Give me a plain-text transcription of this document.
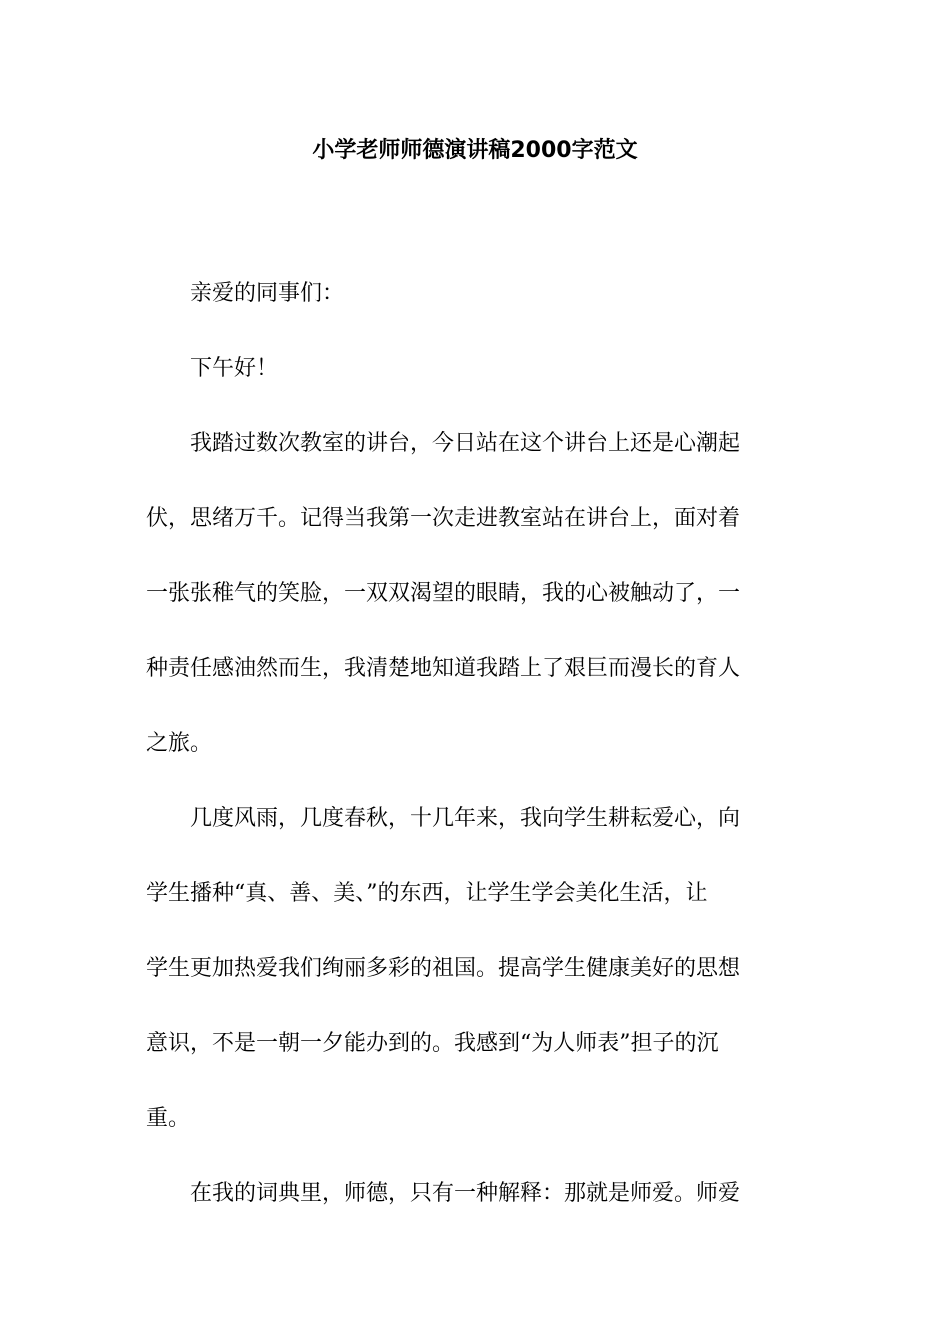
小学老师师德演讲稿2000字范文

亲爱的同事们：

下午好！

我踏过数次教室的讲台，今日站在这个讲台上还是心潮起
伏，思绪万千。记得当我第一次走进教室站在讲台上，面对着
一张张稚气的笑脸，一双双渴望的眼睛，我的心被触动了，一
种责任感油然而生，我清楚地知道我踏上了艰巨而漫长的育人
之旅。

几度风雨，几度春秋，十几年来，我向学生耕耘爱心，向
学生播种“真、善、美、”的东西，让学生学会美化生活，让
学生更加热爱我们绚丽多彩的祖国。提高学生健康美好的思想
意识，不是一朝一夕能办到的。我感到“为人师表”担子的沉
重。

在我的词典里，师德，只有一种解释：那就是师爱。师爱
